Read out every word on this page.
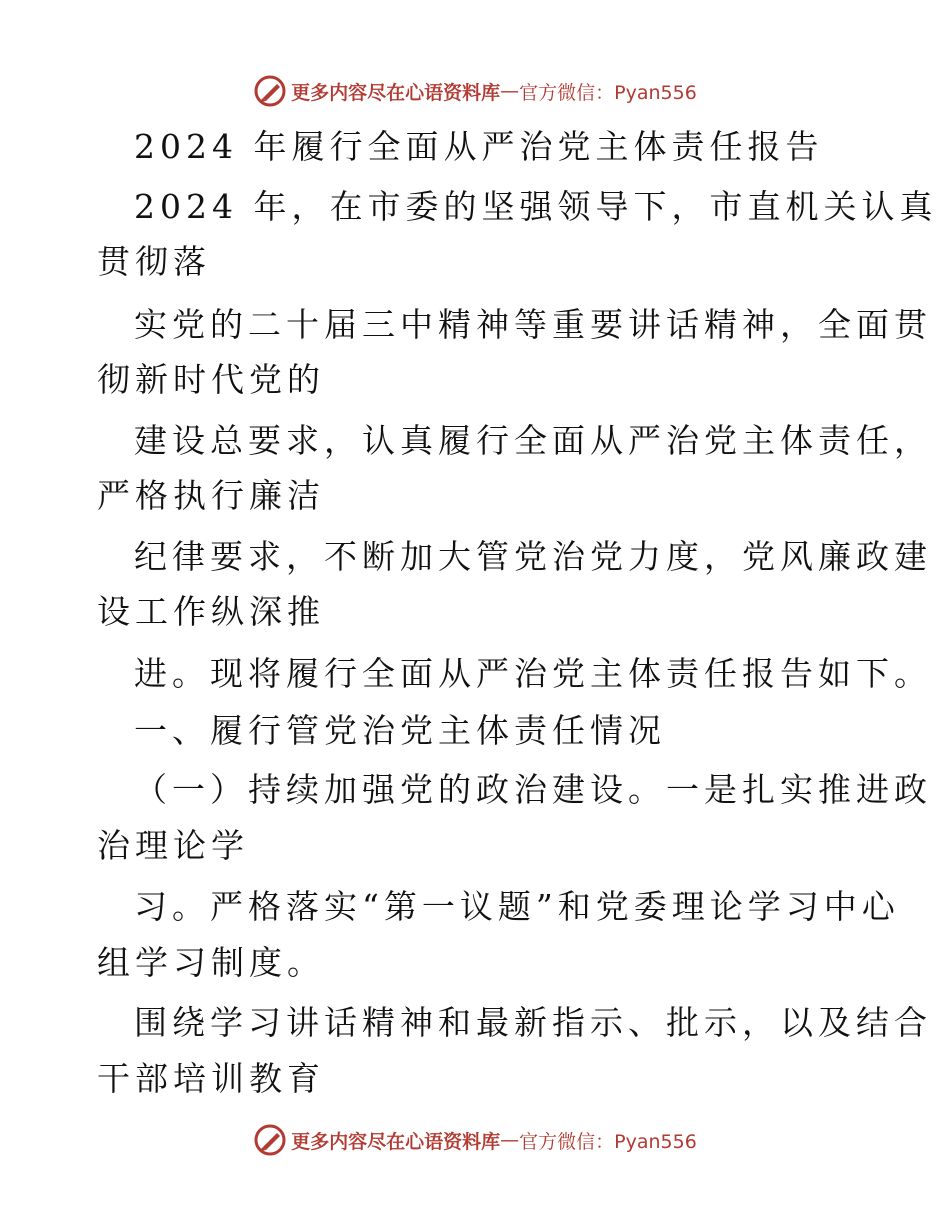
更多内容尽在心语资料库 — 官方微信：Pyan556
2024 年履行全面从严治党主体责任报告
2024 年，在市委的坚强领导下，市直机关认真
贯彻落
实党的二十届三中精神等重要讲话精神，全面贯
彻新时代党的
建设总要求，认真履行全面从严治党主体责任，
严格执行廉洁
纪律要求，不断加大管党治党力度，党风廉政建
设工作纵深推
进。现将履行全面从严治党主体责任报告如下。
一、履行管党治党主体责任情况
（一）持续加强党的政治建设。一是扎实推进政
治理论学
习。严格落实“第一议题”和党委理论学习中心
组学习制度。
围绕学习讲话精神和最新指示、批示，以及结合
干部培训教育
更多内容尽在心语资料库 — 官方微信：Pyan556
